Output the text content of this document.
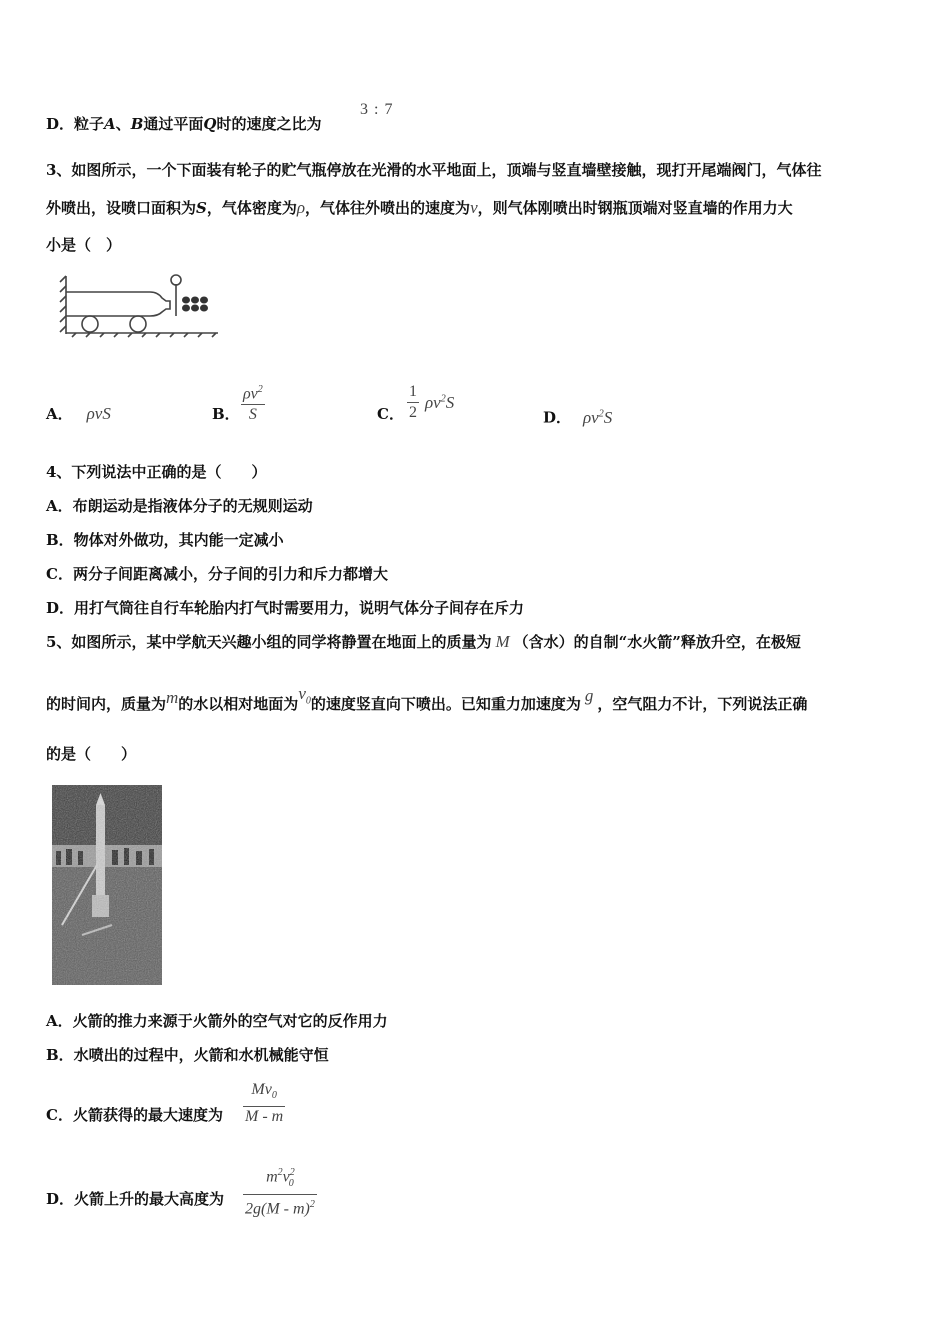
D．粒子A、B通过平面Q时的速度之比为
3 : 7
3、如图所示，一个下面装有轮子的贮气瓶停放在光滑的水平地面上，顶端与竖直墙壁接触，现打开尾端阀门，气体往
外喷出，设喷口面积为S，气体密度为ρ，气体往外喷出的速度为v，则气体刚喷出时钢瓶顶端对竖直墙的作用力大
小是（　）
A． ρvS	B．
$\rho v^2$
S	C．
1
2
$\rho v^2S$
D． $\rho v^2S$
4、下列说法中正确的是（　　）
A．布朗运动是指液体分子的无规则运动
B．物体对外做功，其内能一定减小
C．两分子间距离减小，分子间的引力和斥力都增大
D．用打气筒往自行车轮胎内打气时需要用力，说明气体分子间存在斥力
5、如图所示，某中学航天兴趣小组的同学将静置在地面上的质量为 M （含水）的自制“水火箭”释放升空，在极短
的时间内，质量为m的水以相对地面为$v_0$的速度竖直向下喷出。已知重力加速度为 g ，空气阻力不计，下列说法正确
的是（　　）
A．火箭的推力来源于火箭外的空气对它的反作用力
B．水喷出的过程中，火箭和水机械能守恒
C．火箭获得的最大速度为
$Mv_0$
M - m
D．火箭上升的最大高度为
$m^2v^2_0$
2g(M - m)$^2$
